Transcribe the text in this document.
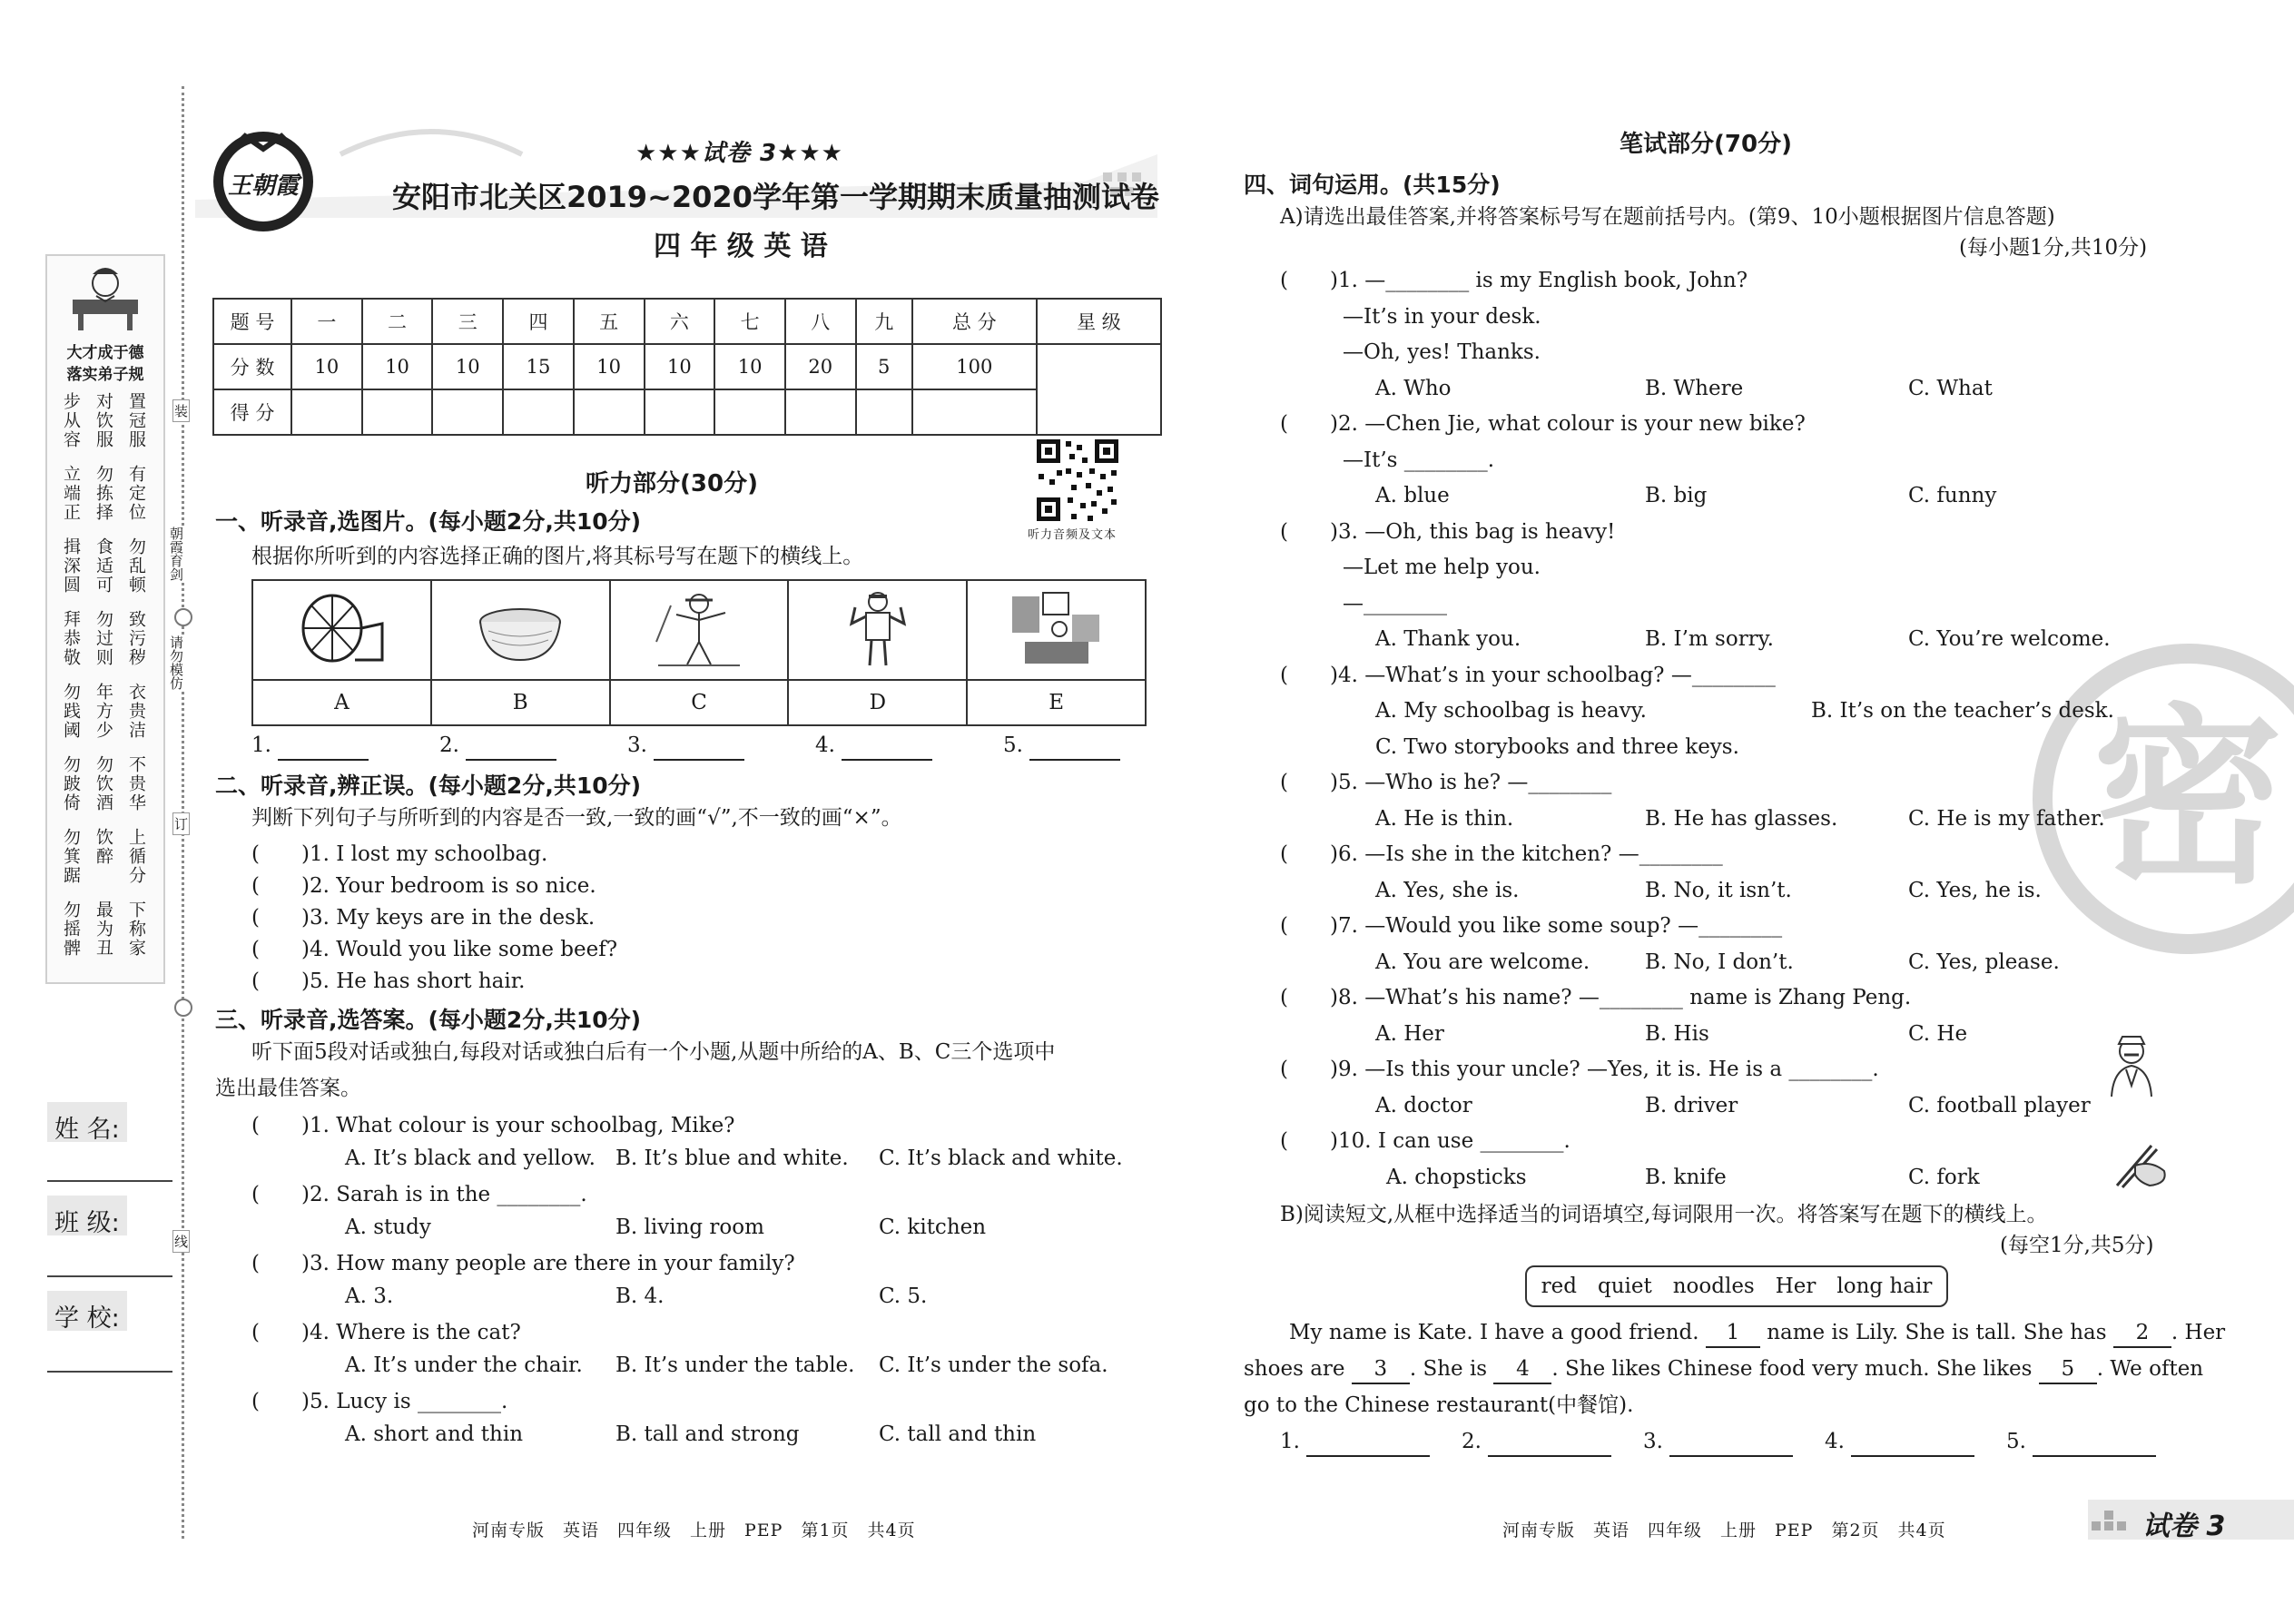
大才成于德
落实弟子规
步从容 对饮服 置冠服
立端正 勿拣择 有定位
揖深圆 食适可 勿乱顿
拜恭敬 勿过则 致污秽
勿践阈 年方少 衣贵洁
勿跛倚 勿饮酒 不贵华
勿箕踞 饮醉 上循分
勿摇髀 最为丑 下称家
装
朝霞育剑
请勿模仿
订
线
姓 名:
班 级:
学 校:
王朝霞
★★★试卷 3★★★
安阳市北关区2019~2020学年第一学期期末质量抽测试卷
四 年 级 英 语
题 号	一	二	三	四	五	六	七	八	九	总 分	星 级
分 数	10	10	10	15	10	10	10	20	5	100	
得 分											
听力音频及文本
听力部分(30分)
一、听录音,选图片。(每小题2分,共10分)
根据你所听到的内容选择正确的图片,将其标号写在题下的横线上。

A	B	C	D	E
1.	2.	3.	4.	5.
二、听录音,辨正误。(每小题2分,共10分)
判断下列句子与所听到的内容是否一致,一致的画“√”,不一致的画“×”。
(　　)1. I lost my schoolbag.
(　　)2. Your bedroom is so nice.
(　　)3. My keys are in the desk.
(　　)4. Would you like some beef?
(　　)5. He has short hair.
三、听录音,选答案。(每小题2分,共10分)
听下面5段对话或独白,每段对话或独白后有一个小题,从题中所给的A、B、C三个选项中
选出最佳答案。
(　　)1. What colour is your schoolbag, Mike?
A. It’s black and yellow. B. It’s blue and white. C. It’s black and white.
(　　)2. Sarah is in the ________.
A. study	B. living room	C. kitchen
(　　)3. How many people are there in your family?
A. 3.	B. 4.	C. 5.
(　　)4. Where is the cat?
A. It’s under the chair. B. It’s under the table. C. It’s under the sofa.
(　　)5. Lucy is ________.
A. short and thin	B. tall and strong	C. tall and thin
河南专版　英语　四年级　上册　PEP　第1页　共4页
密
笔试部分(70分)
四、词句运用。(共15分)
A)请选出最佳答案,并将答案标号写在题前括号内。(第9、10小题根据图片信息答题)
(每小题1分,共10分)
(　　)1. —________ is my English book, John?
　　　—It’s in your desk.
　　　—Oh, yes! Thanks.
A. Who	B. Where	C. What
(　　)2. —Chen Jie, what colour is your new bike?
　　　—It’s ________.
A. blue	B. big	C. funny
(　　)3. —Oh, this bag is heavy!
　　　—Let me help you.
　　　—________
A. Thank you.	B. I’m sorry.	C. You’re welcome.
(　　)4. —What’s in your schoolbag? —________
A. My schoolbag is heavy.	B. It’s on the teacher’s desk.
C. Two storybooks and three keys.
(　　)5. —Who is he? —________
A. He is thin.	B. He has glasses.	C. He is my father.
(　　)6. —Is she in the kitchen? —________
A. Yes, she is.	B. No, it isn’t.	C. Yes, he is.
(　　)7. —Would you like some soup? —________
A. You are welcome.	B. No, I don’t.	C. Yes, please.
(　　)8. —What’s his name? —________ name is Zhang Peng.
A. Her	B. His	C. He
(　　)9. —Is this your uncle? —Yes, it is. He is a ________.
A. doctor	B. driver	C. football player
(　　)10. I can use ________.
A. chopsticks	B. knife	C. fork
B)阅读短文,从框中选择适当的词语填空,每词限用一次。将答案写在题下的横线上。
(每空1分,共5分)
red　quiet　noodles　Her　long hair
My name is Kate. I have a good friend. 1 name is Lily. She is tall. She has 2 . Her
shoes are 3 . She is 4 . She likes Chinese food very much. She likes 5 . We often
go to the Chinese restaurant(中餐馆).
1.	2.	3.	4.	5.
河南专版　英语　四年级　上册　PEP　第2页　共4页	试卷 3
